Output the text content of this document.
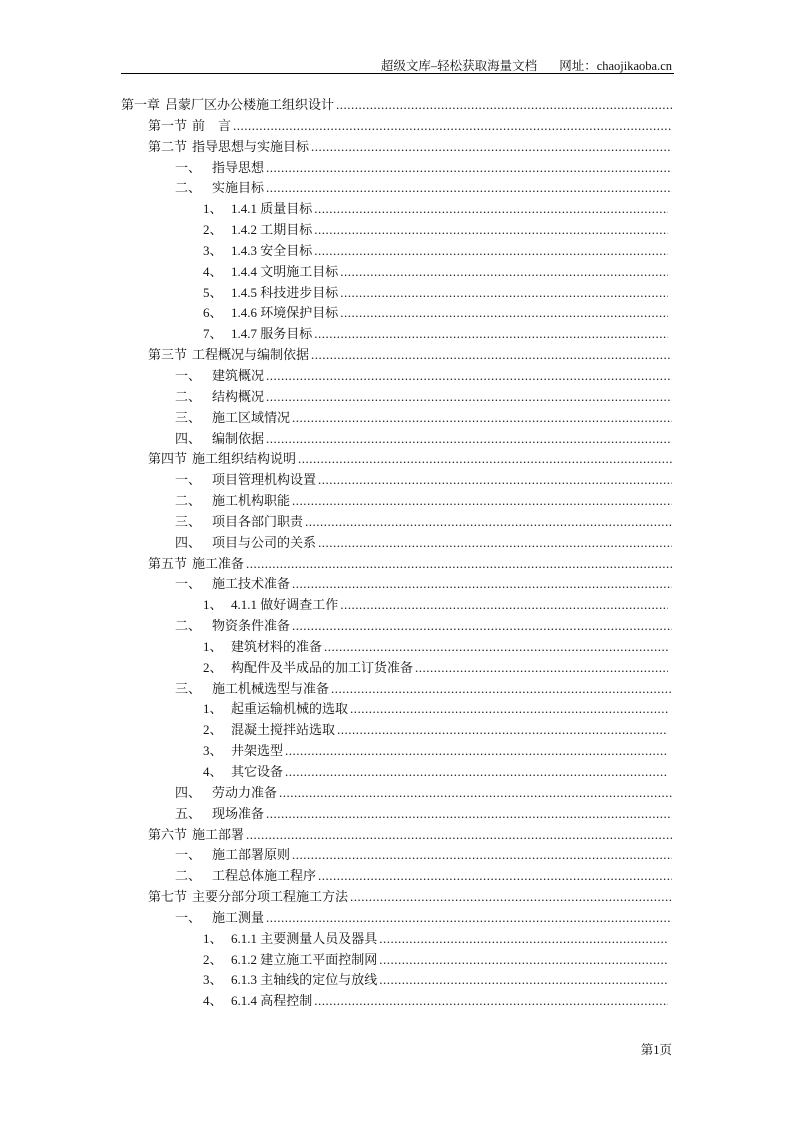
超级文库–轻松获取海量文档 网址：chaojikaoba.cn
第一章 吕蒙厂区办公楼施工组织设计
.....
第一节 前　言
.....
第二节 指导思想与实施目标
.....
一、 指导思想
.....
二、 实施目标
.....
1、 1.4.1 质量目标
.....
2、 1.4.2 工期目标
.....
3、 1.4.3 安全目标
.....
4、 1.4.4 文明施工目标
.....
5、 1.4.5 科技进步目标
.....
6、 1.4.6 环境保护目标
.....
7、 1.4.7 服务目标
.....
第三节 工程概况与编制依据
.....
一、 建筑概况
.....
二、 结构概况
.....
三、 施工区域情况
.....
四、 编制依据
.....
第四节 施工组织结构说明
.....
一、 项目管理机构设置
.....
二、 施工机构职能
.....
三、 项目各部门职责
.....
四、 项目与公司的关系
.....
第五节 施工准备
.....
一、 施工技术准备
.....
1、 4.1.1 做好调查工作
.....
二、 物资条件准备
.....
1、 建筑材料的准备
.....
2、 构配件及半成品的加工订货准备
.....
三、 施工机械选型与准备
.....
1、 起重运输机械的选取
.....
2、 混凝土搅拌站选取
.....
3、 井架选型
.....
4、 其它设备
.....
四、 劳动力准备
.....
五、 现场准备
.....
第六节 施工部署
.....
一、 施工部署原则
.....
二、 工程总体施工程序
.....
第七节 主要分部分项工程施工方法
.....
一、 施工测量
.....
1、 6.1.1 主要测量人员及器具
.....
2、 6.1.2 建立施工平面控制网
.....
3、 6.1.3 主轴线的定位与放线
.....
4、 6.1.4 高程控制
.....
第1页
